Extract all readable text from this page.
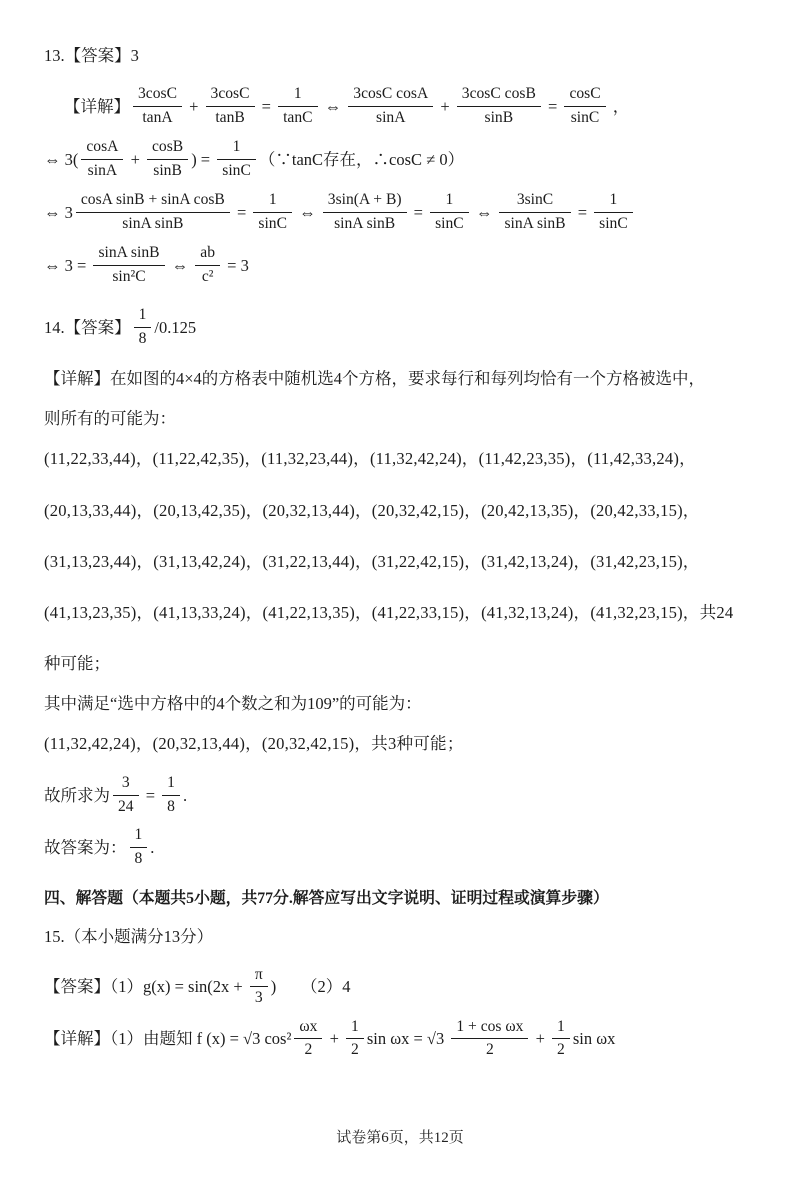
13.【答案】3
【详解】 $\frac{3\cos C}{\tan A} + \frac{3\cos C}{\tan B} = \frac{1}{\tan C}$ ⇔ $\frac{\text{3cosC cosA}}{\sin A} + \frac{\text{3cosC cosB}}{\sin B} = \frac{\cos C}{\sin C}$ ，
⇔ $3( \frac{\cos A}{\sin A} + \frac{\cos B}{\sin B}$ ) = $\frac{1}{\sin C}$ （∵tanC存在，∴cosC ≠ 0）
⇔ $3 \frac{\text{cosA sinB + sinA cosB}}{\text{sinA sinB}} = \frac{1}{\sin C}$ ⇔ $\frac{3\sin(A + B)}{\text{sinA sinB}} = \frac{1}{\sin C}$ ⇔ $\frac{3\sin C}{\text{sinA sinB}} = \frac{1}{\sin C}$
⇔ $3 = \frac{\text{sinA sinB}}{\text{sin²C}}$ ⇔ $\frac{ab}{\text{c²}} = 3$
14.【答案】 $\frac{1}{8} /0.125$
【详解】在如图的4×4的方格表中随机选4个方格，要求每行和每列均恰有一个方格被选中，
则所有的可能为：
(11,22,33,44)，(11,22,42,35)，(11,32,23,44)，(11,32,42,24)，(11,42,23,35)，(11,42,33,24)，
(20,13,33,44)，(20,13,42,35)，(20,32,13,44)，(20,32,42,15)，(20,42,13,35)，(20,42,33,15)，
(31,13,23,44)，(31,13,42,24)，(31,22,13,44)，(31,22,42,15)，(31,42,13,24)，(31,42,23,15)，
(41,13,23,35)，(41,13,33,24)，(41,22,13,35)，(41,22,33,15)，(41,32,13,24)，(41,32,23,15)，共24
种可能；
其中满足“选中方格中的4个数之和为109”的可能为：
(11,32,42,24)，(20,32,13,44)，(20,32,42,15)，共3种可能；
故所求为 $\frac{3}{24} = \frac{1}{8}$ .
故答案为： $\frac{1}{8}$ .
四、解答题（本题共5小题，共77分.解答应写出文字说明、证明过程或演算步骤）
15.（本小题满分13分）
【答案】（1） $g(x) = \sin(2x + \frac{\pi}{3}$ ) 　　（2）4
【详解】（1）由题知 f (x) = √3 $\cos^2 \frac{\omega x}{2} + \frac{1}{2}$ $\sin \omega x = √3 \frac{\text{1 + cos ωx}}{2} + \frac{1}{2}$ sin ωx
试卷第6页，共12页
